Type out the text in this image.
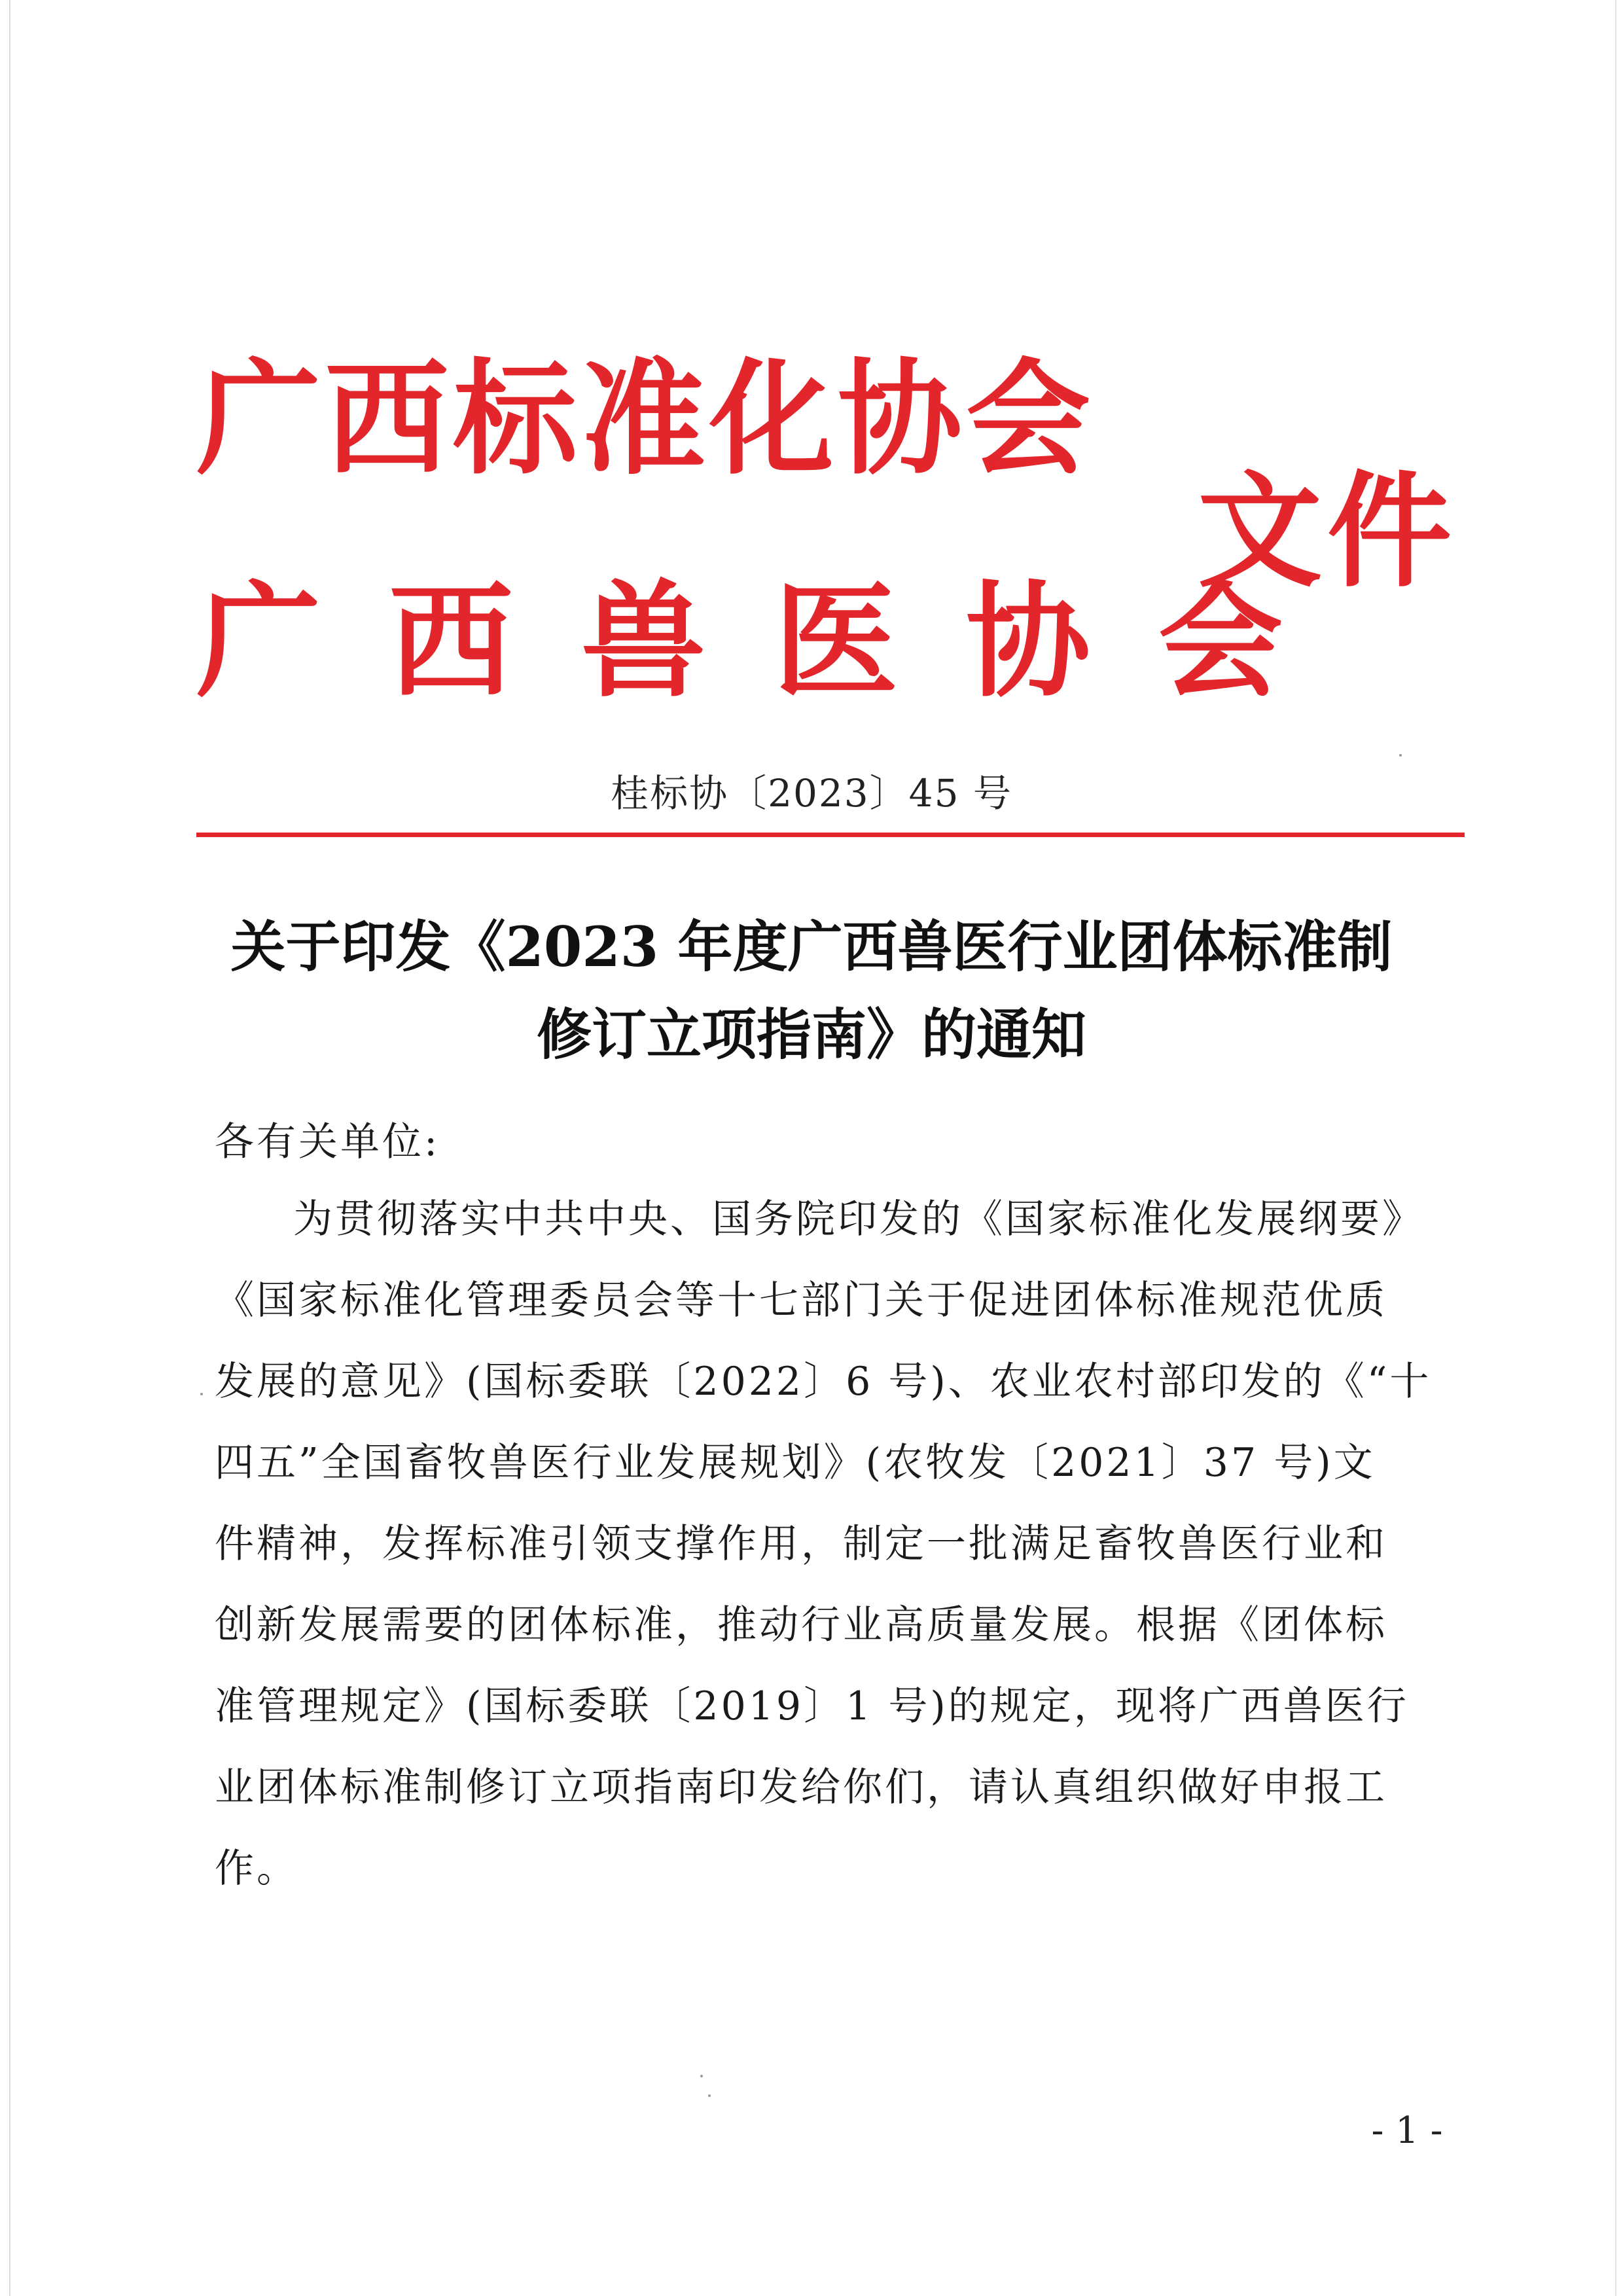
广西标准化协会
广西兽医协会
文件
桂标协〔2023〕45 号
关于印发《2023 年度广西兽医行业团体标准制
修订立项指南》的通知
各有关单位:
为贯彻落实中共中央、国务院印发的《国家标准化发展纲要》
《国家标准化管理委员会等十七部门关于促进团体标准规范优质
发展的意见》(国标委联〔2022〕6 号)、农业农村部印发的《“十
四五”全国畜牧兽医行业发展规划》(农牧发〔2021〕37 号)文
件精神，发挥标准引领支撑作用，制定一批满足畜牧兽医行业和
创新发展需要的团体标准，推动行业高质量发展。根据《团体标
准管理规定》(国标委联〔2019〕1 号)的规定，现将广西兽医行
业团体标准制修订立项指南印发给你们，请认真组织做好申报工
作。
- 1 -
